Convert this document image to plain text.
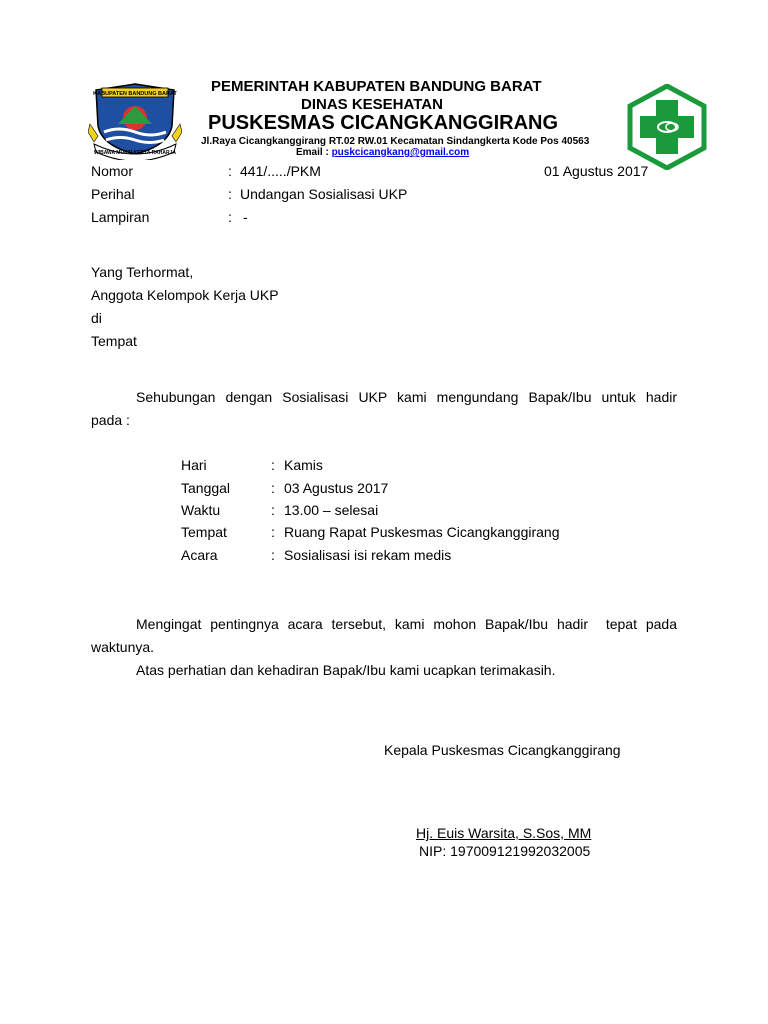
KABUPATEN BANDUNG BARAT
WIBAWA MUKTI KERTA RAHARJA
PEMERINTAH KABUPATEN BANDUNG BARAT
DINAS KESEHATAN
PUSKESMAS CICANGKANGGIRANG
Jl.Raya Cicangkanggirang RT.02 RW.01 Kecamatan Sindangkerta Kode Pos 40563
Email : puskcicangkang@gmail.com
Nomor	: 441/...../PKM	01 Agustus 2017
Perihal	: Undangan Sosialisasi UKP
Lampiran	: -
Yang Terhormat,
Anggota Kelompok Kerja UKP
di
Tempat
Sehubungan dengan Sosialisasi UKP kami mengundang Bapak/Ibu untuk hadir
pada :
Hari	: Kamis
Tanggal	: 03 Agustus 2017
Waktu	: 13.00 – selesai
Tempat	: Ruang Rapat Puskesmas Cicangkanggirang
Acara	: Sosialisasi isi rekam medis
Mengingat pentingnya acara tersebut, kami mohon Bapak/Ibu hadir  tepat pada
waktunya.
Atas perhatian dan kehadiran Bapak/Ibu kami ucapkan terimakasih.
Kepala Puskesmas Cicangkanggirang
Hj. Euis Warsita, S.Sos, MM
NIP: 197009121992032005
